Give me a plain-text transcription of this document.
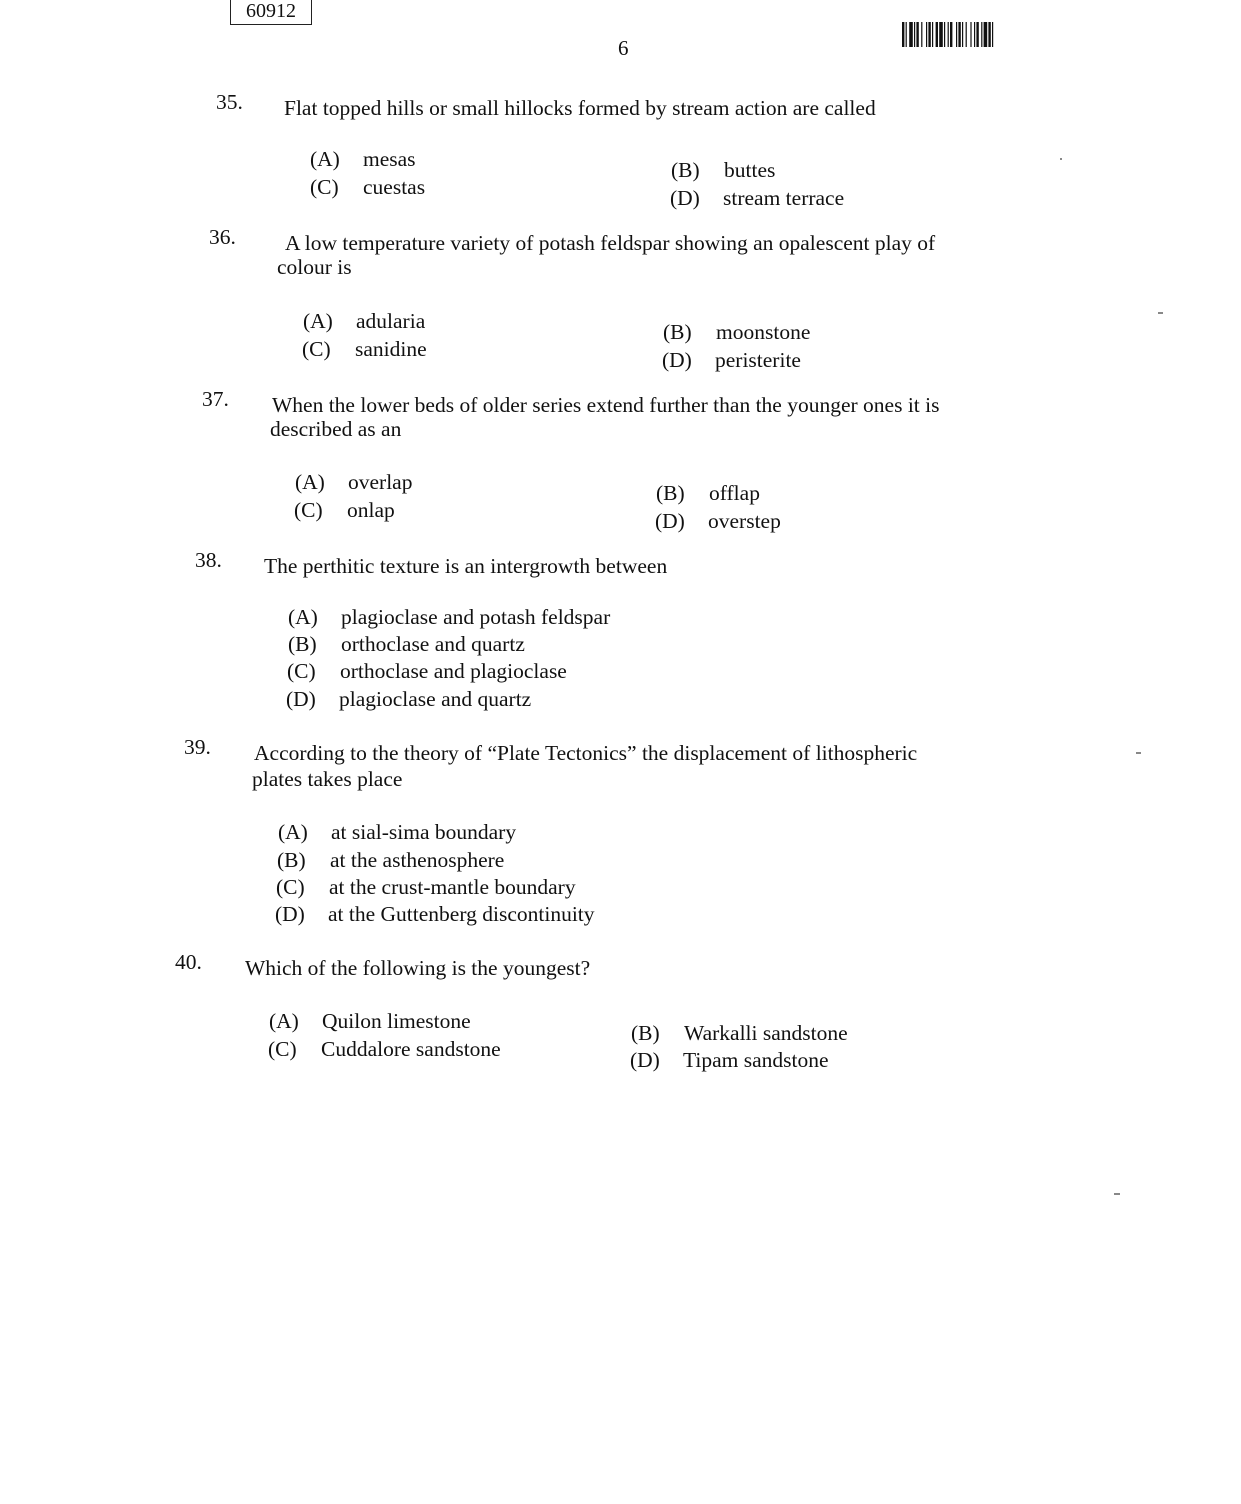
60912
6
35. Flat topped hills or small hillocks formed by stream action are called
(A) mesas	(B) buttes
(C) cuestas	(D) stream terrace
36. A low temperature variety of potash feldspar showing an opalescent play of
colour is
(A) adularia	(B) moonstone
(C) sanidine	(D) peristerite
37. When the lower beds of older series extend further than the younger ones it is
described as an
(A) overlap	(B) offlap
(C) onlap	(D) overstep
38. The perthitic texture is an intergrowth between
(A) plagioclase and potash feldspar
(B) orthoclase and quartz
(C) orthoclase and plagioclase
(D) plagioclase and quartz
39. According to the theory of “Plate Tectonics” the displacement of lithospheric
plates takes place
(A) at sial-sima boundary
(B) at the asthenosphere
(C) at the crust-mantle boundary
(D) at the Guttenberg discontinuity
40. Which of the following is the youngest?
(A) Quilon limestone	(B) Warkalli sandstone
(C) Cuddalore sandstone	(D) Tipam sandstone
